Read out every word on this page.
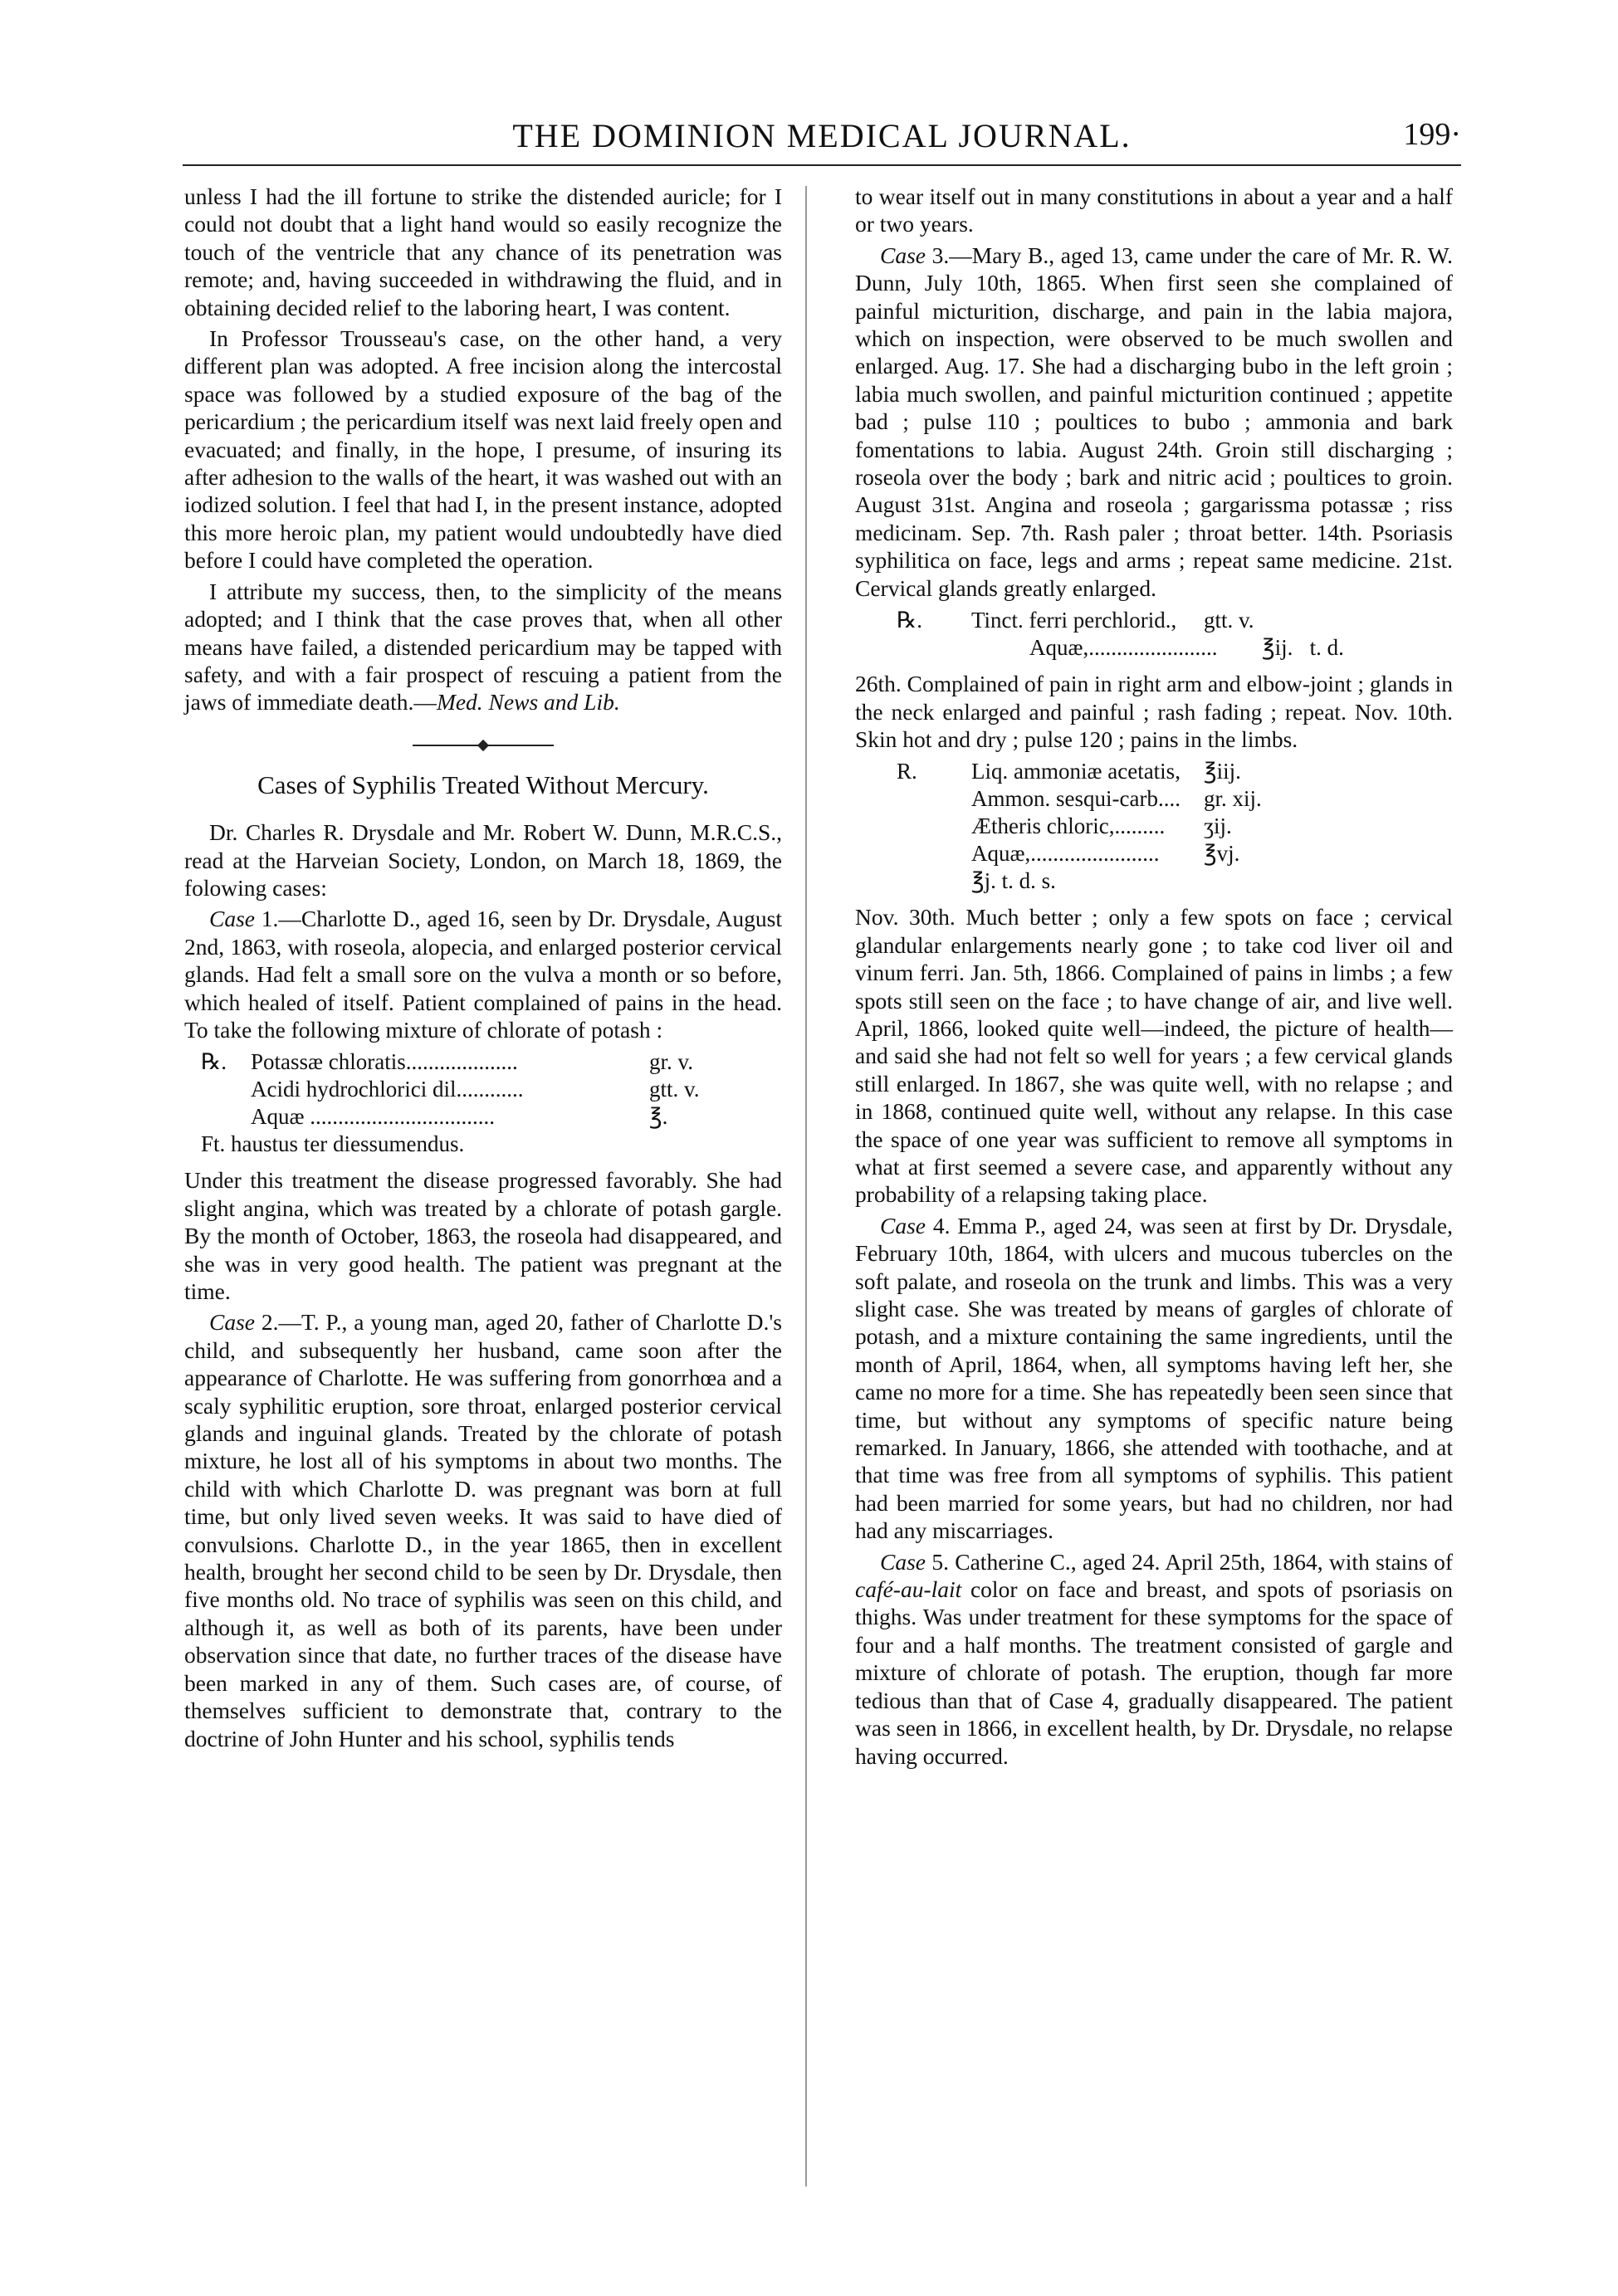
THE DOMINION MEDICAL JOURNAL.	199·

unless I had the ill fortune to strike the distended auricle; for I could not doubt that a light hand would so easily recognize the touch of the ventricle that any chance of its penetration was remote; and, having succeeded in withdrawing the fluid, and in obtaining decided relief to the laboring heart, I was content.

In Professor Trousseau's case, on the other hand, a very different plan was adopted. A free incision along the intercostal space was followed by a studied exposure of the bag of the pericardium ; the pericardium itself was next laid freely open and evacuated; and finally, in the hope, I presume, of insuring its after adhesion to the walls of the heart, it was washed out with an iodized solution. I feel that had I, in the present instance, adopted this more heroic plan, my patient would undoubtedly have died before I could have completed the operation.

I attribute my success, then, to the simplicity of the means adopted; and I think that the case proves that, when all other means have failed, a distended pericardium may be tapped with safety, and with a fair prospect of rescuing a patient from the jaws of immediate death.—Med. News and Lib.

Cases of Syphilis Treated Without Mercury.

Dr. Charles R. Drysdale and Mr. Robert W. Dunn, M.R.C.S., read at the Harveian Society, London, on March 18, 1869, the folowing cases:

Case 1.—Charlotte D., aged 16, seen by Dr. Drysdale, August 2nd, 1863, with roseola, alopecia, and enlarged posterior cervical glands. Had felt a small sore on the vulva a month or so before, which healed of itself. Patient complained of pains in the head. To take the following mixture of chlorate of potash :

℞.	Potassæ chloratis....................	gr. v.
Acidi hydrochlorici dil............	gtt. v.
Aquæ .................................	℥.
Ft. haustus ter diessumendus.

Under this treatment the disease progressed favorably. She had slight angina, which was treated by a chlorate of potash gargle. By the month of October, 1863, the roseola had disappeared, and she was in very good health. The patient was pregnant at the time.

Case 2.—T. P., a young man, aged 20, father of Charlotte D.'s child, and subsequently her husband, came soon after the appearance of Charlotte. He was suffering from gonorrhœa and a scaly syphilitic eruption, sore throat, enlarged posterior cervical glands and inguinal glands. Treated by the chlorate of potash mixture, he lost all of his symptoms in about two months. The child with which Charlotte D. was pregnant was born at full time, but only lived seven weeks. It was said to have died of convulsions. Charlotte D., in the year 1865, then in excellent health, brought her second child to be seen by Dr. Drysdale, then five months old. No trace of syphilis was seen on this child, and although it, as well as both of its parents, have been under observation since that date, no further traces of the disease have been marked in any of them. Such cases are, of course, of themselves sufficient to demonstrate that, contrary to the doctrine of John Hunter and his school, syphilis tends

to wear itself out in many constitutions in about a year and a half or two years.

Case 3.—Mary B., aged 13, came under the care of Mr. R. W. Dunn, July 10th, 1865. When first seen she complained of painful micturition, discharge, and pain in the labia majora, which on inspection, were observed to be much swollen and enlarged. Aug. 17. She had a discharging bubo in the left groin ; labia much swollen, and painful micturition continued ; appetite bad ; pulse 110 ; poultices to bubo ; ammonia and bark fomentations to labia. August 24th. Groin still discharging ; roseola over the body ; bark and nitric acid ; poultices to groin. August 31st. Angina and roseola ; gargarissma potassæ ; riss medicinam. Sep. 7th. Rash paler ; throat better. 14th. Psoriasis syphilitica on face, legs and arms ; repeat same medicine. 21st. Cervical glands greatly enlarged.

℞.	Tinct. ferri perchlorid.,	gtt. v.
Aquæ,.......................	℥ij.   t. d.

26th. Complained of pain in right arm and elbow-joint ; glands in the neck enlarged and painful ; rash fading ; repeat. Nov. 10th. Skin hot and dry ; pulse 120 ; pains in the limbs.

R.	Liq. ammoniæ acetatis,	℥iij.
Ammon. sesqui-carb....	gr. xij.
Ætheris chloric,.........	ʒij.
Aquæ,.......................	℥vj.
℥j. t. d. s.

Nov. 30th. Much better ; only a few spots on face ; cervical glandular enlargements nearly gone ; to take cod liver oil and vinum ferri. Jan. 5th, 1866. Complained of pains in limbs ; a few spots still seen on the face ; to have change of air, and live well. April, 1866, looked quite well—indeed, the picture of health—and said she had not felt so well for years ; a few cervical glands still enlarged. In 1867, she was quite well, with no relapse ; and in 1868, continued quite well, without any relapse. In this case the space of one year was sufficient to remove all symptoms in what at first seemed a severe case, and apparently without any probability of a relapsing taking place.

Case 4. Emma P., aged 24, was seen at first by Dr. Drysdale, February 10th, 1864, with ulcers and mucous tubercles on the soft palate, and roseola on the trunk and limbs. This was a very slight case. She was treated by means of gargles of chlorate of potash, and a mixture containing the same ingredients, until the month of April, 1864, when, all symptoms having left her, she came no more for a time. She has repeatedly been seen since that time, but without any symptoms of specific nature being remarked. In January, 1866, she attended with toothache, and at that time was free from all symptoms of syphilis. This patient had been married for some years, but had no children, nor had had any miscarriages.

Case 5. Catherine C., aged 24. April 25th, 1864, with stains of café-au-lait color on face and breast, and spots of psoriasis on thighs. Was under treatment for these symptoms for the space of four and a half months. The treatment consisted of gargle and mixture of chlorate of potash. The eruption, though far more tedious than that of Case 4, gradually disappeared. The patient was seen in 1866, in excellent health, by Dr. Drysdale, no relapse having occurred.
